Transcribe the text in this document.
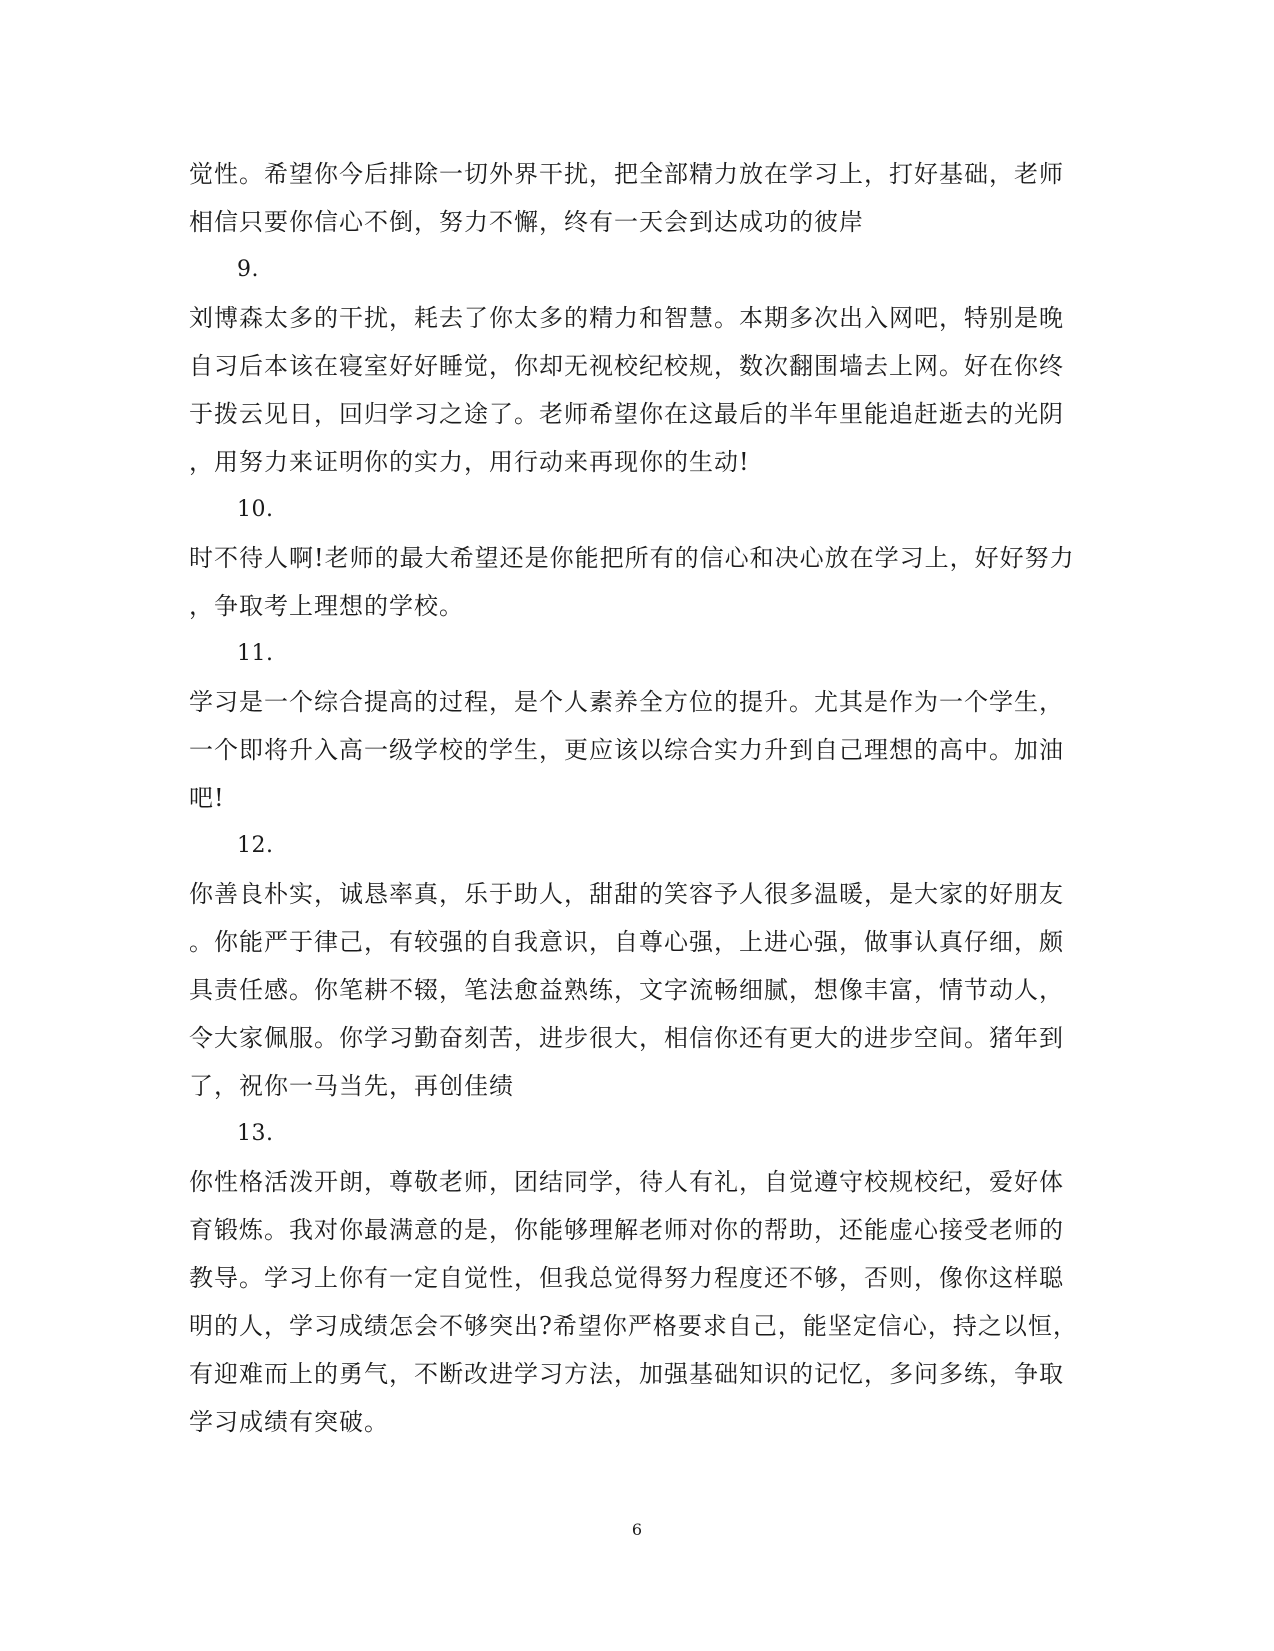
觉性。希望你今后排除一切外界干扰，把全部精力放在学习上，打好基础，老师
相信只要你信心不倒，努力不懈，终有一天会到达成功的彼岸
9.
刘博森太多的干扰，耗去了你太多的精力和智慧。本期多次出入网吧，特别是晚
自习后本该在寝室好好睡觉，你却无视校纪校规，数次翻围墙去上网。好在你终
于拨云见日，回归学习之途了。老师希望你在这最后的半年里能追赶逝去的光阴
，用努力来证明你的实力，用行动来再现你的生动!
10.
时不待人啊!老师的最大希望还是你能把所有的信心和决心放在学习上，好好努力
，争取考上理想的学校。
11.
学习是一个综合提高的过程，是个人素养全方位的提升。尤其是作为一个学生，
一个即将升入高一级学校的学生，更应该以综合实力升到自己理想的高中。加油
吧!
12.
你善良朴实，诚恳率真，乐于助人，甜甜的笑容予人很多温暖，是大家的好朋友
。你能严于律己，有较强的自我意识，自尊心强，上进心强，做事认真仔细，颇
具责任感。你笔耕不辍，笔法愈益熟练，文字流畅细腻，想像丰富，情节动人，
令大家佩服。你学习勤奋刻苦，进步很大，相信你还有更大的进步空间。猪年到
了，祝你一马当先，再创佳绩
13.
你性格活泼开朗，尊敬老师，团结同学，待人有礼，自觉遵守校规校纪，爱好体
育锻炼。我对你最满意的是，你能够理解老师对你的帮助，还能虚心接受老师的
教导。学习上你有一定自觉性，但我总觉得努力程度还不够，否则，像你这样聪
明的人，学习成绩怎会不够突出?希望你严格要求自己，能坚定信心，持之以恒，
有迎难而上的勇气，不断改进学习方法，加强基础知识的记忆，多问多练，争取
学习成绩有突破。
6
